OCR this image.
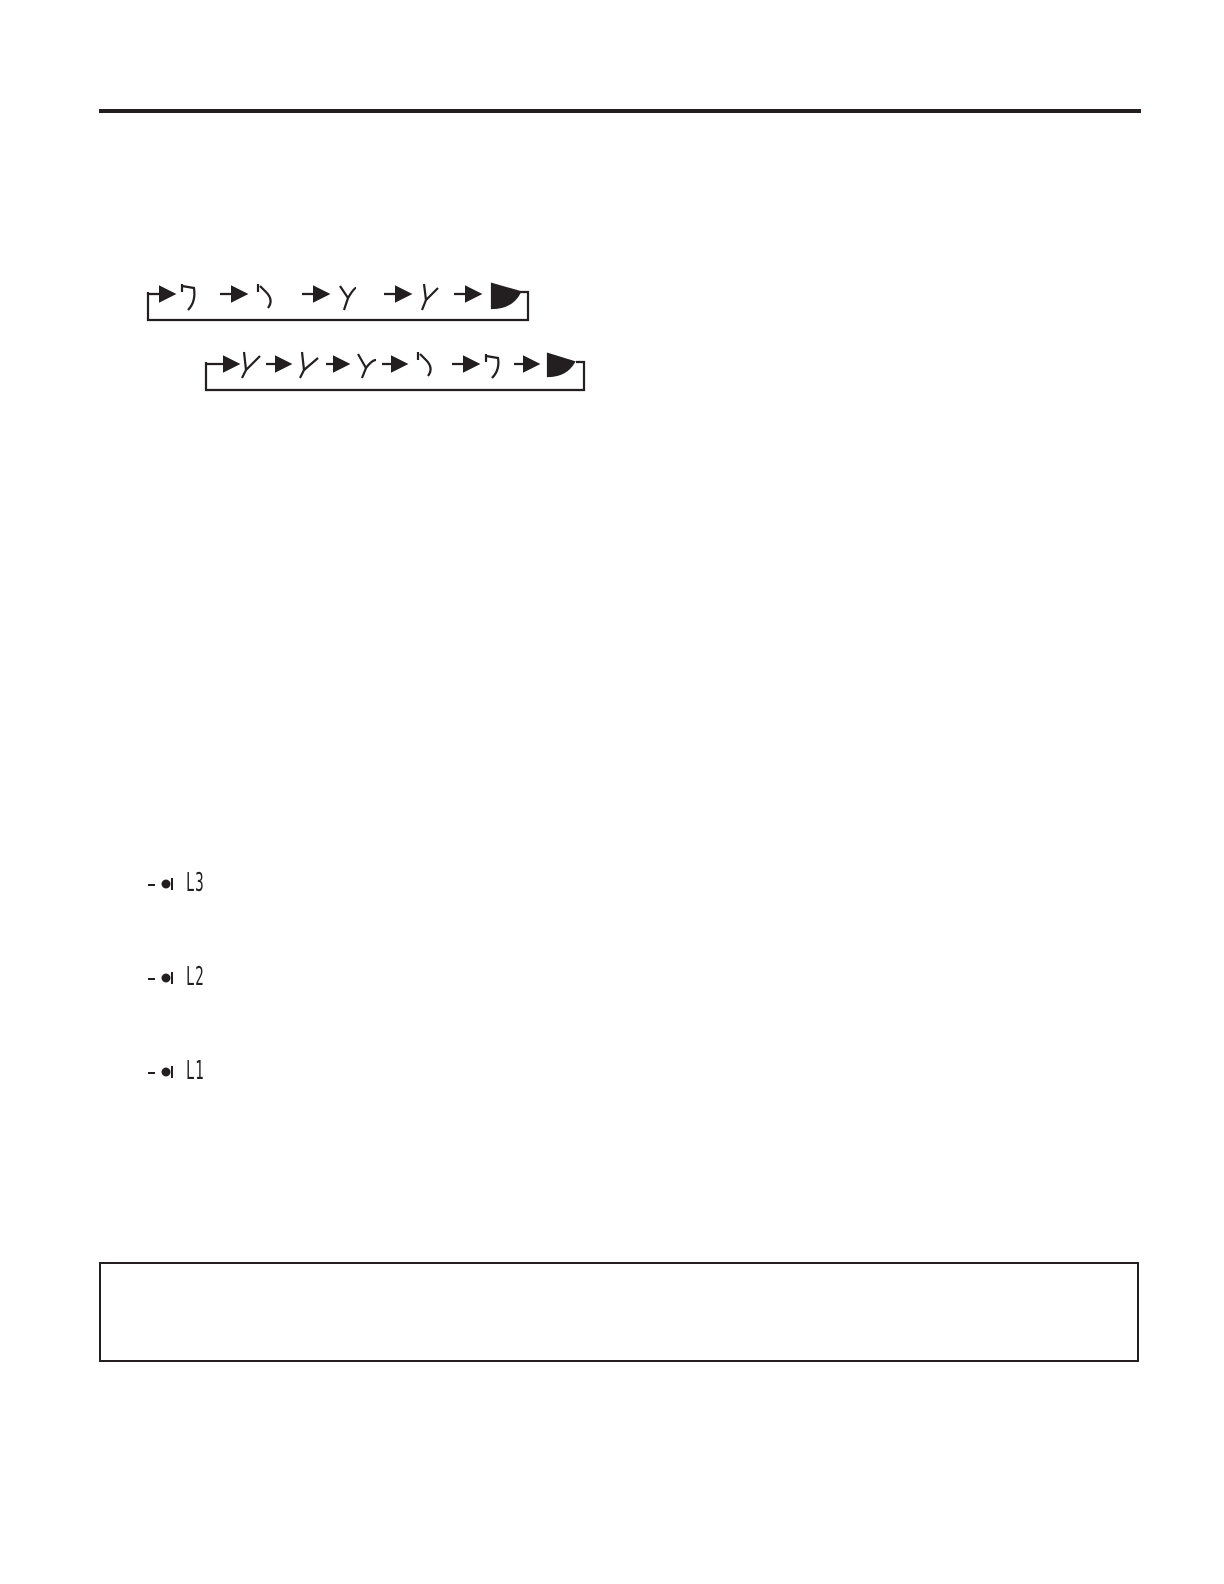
L3
L2
L1
